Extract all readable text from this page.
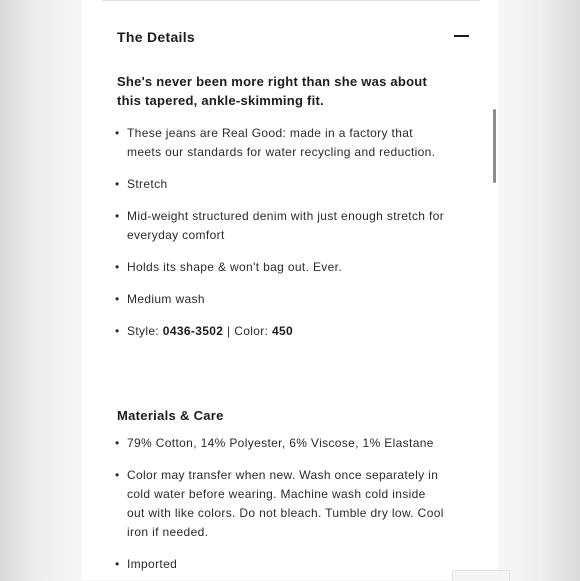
The Details
She's never been more right than she was about this tapered, ankle-skimming fit.
• These jeans are Real Good: made in a factory that meets our standards for water recycling and reduction.
• Stretch
• Mid-weight structured denim with just enough stretch for everyday comfort
• Holds its shape & won't bag out. Ever.
• Medium wash
• Style: 0436-3502 | Color: 450
Materials & Care
• 79% Cotton, 14% Polyester, 6% Viscose, 1% Elastane
• Color may transfer when new. Wash once separately in cold water before wearing. Machine wash cold inside out with like colors. Do not bleach. Tumble dry low. Cool iron if needed.
• Imported
